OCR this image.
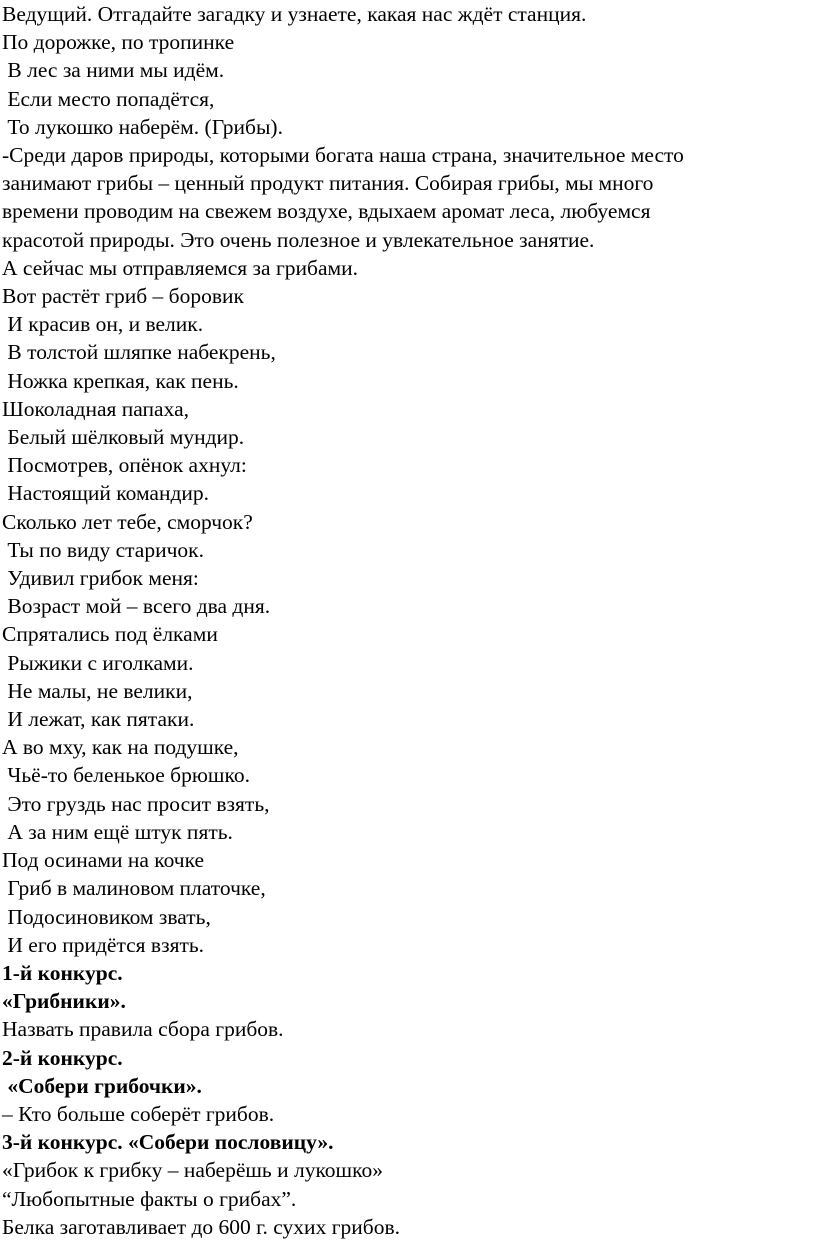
Ведущий. Отгадайте загадку и узнаете, какая нас ждёт станция.
По дорожке, по тропинке
В лес за ними мы идём.
Если место попадётся,
То лукошко наберём. (Грибы).
-Среди даров природы, которыми богата наша страна, значительное место
занимают грибы – ценный продукт питания. Собирая грибы, мы много
времени проводим на свежем воздухе, вдыхаем аромат леса, любуемся
красотой природы. Это очень полезное и увлекательное занятие.
А сейчас мы отправляемся за грибами.
Вот растёт гриб – боровик
И красив он, и велик.
В толстой шляпке набекрень,
Ножка крепкая, как пень.
Шоколадная папаха,
Белый шёлковый мундир.
Посмотрев, опёнок ахнул:
Настоящий командир.
Сколько лет тебе, сморчок?
Ты по виду старичок.
Удивил грибок меня:
Возраст мой – всего два дня.
Спрятались под ёлками
Рыжики с иголками.
Не малы, не велики,
И лежат, как пятаки.
А во мху, как на подушке,
Чьё-то беленькое брюшко.
Это груздь нас просит взять,
А за ним ещё штук пять.
Под осинами на кочке
Гриб в малиновом платочке,
Подосиновиком звать,
И его придётся взять.
1-й конкурс.
«Грибники».
Назвать правила сбора грибов.
2-й конкурс.
«Собери грибочки».
– Кто больше соберёт грибов.
3-й конкурс. «Собери пословицу».
«Грибок к грибку – наберёшь и лукошко»
“Любопытные факты о грибах”.
Белка заготавливает до 600 г. сухих грибов.
